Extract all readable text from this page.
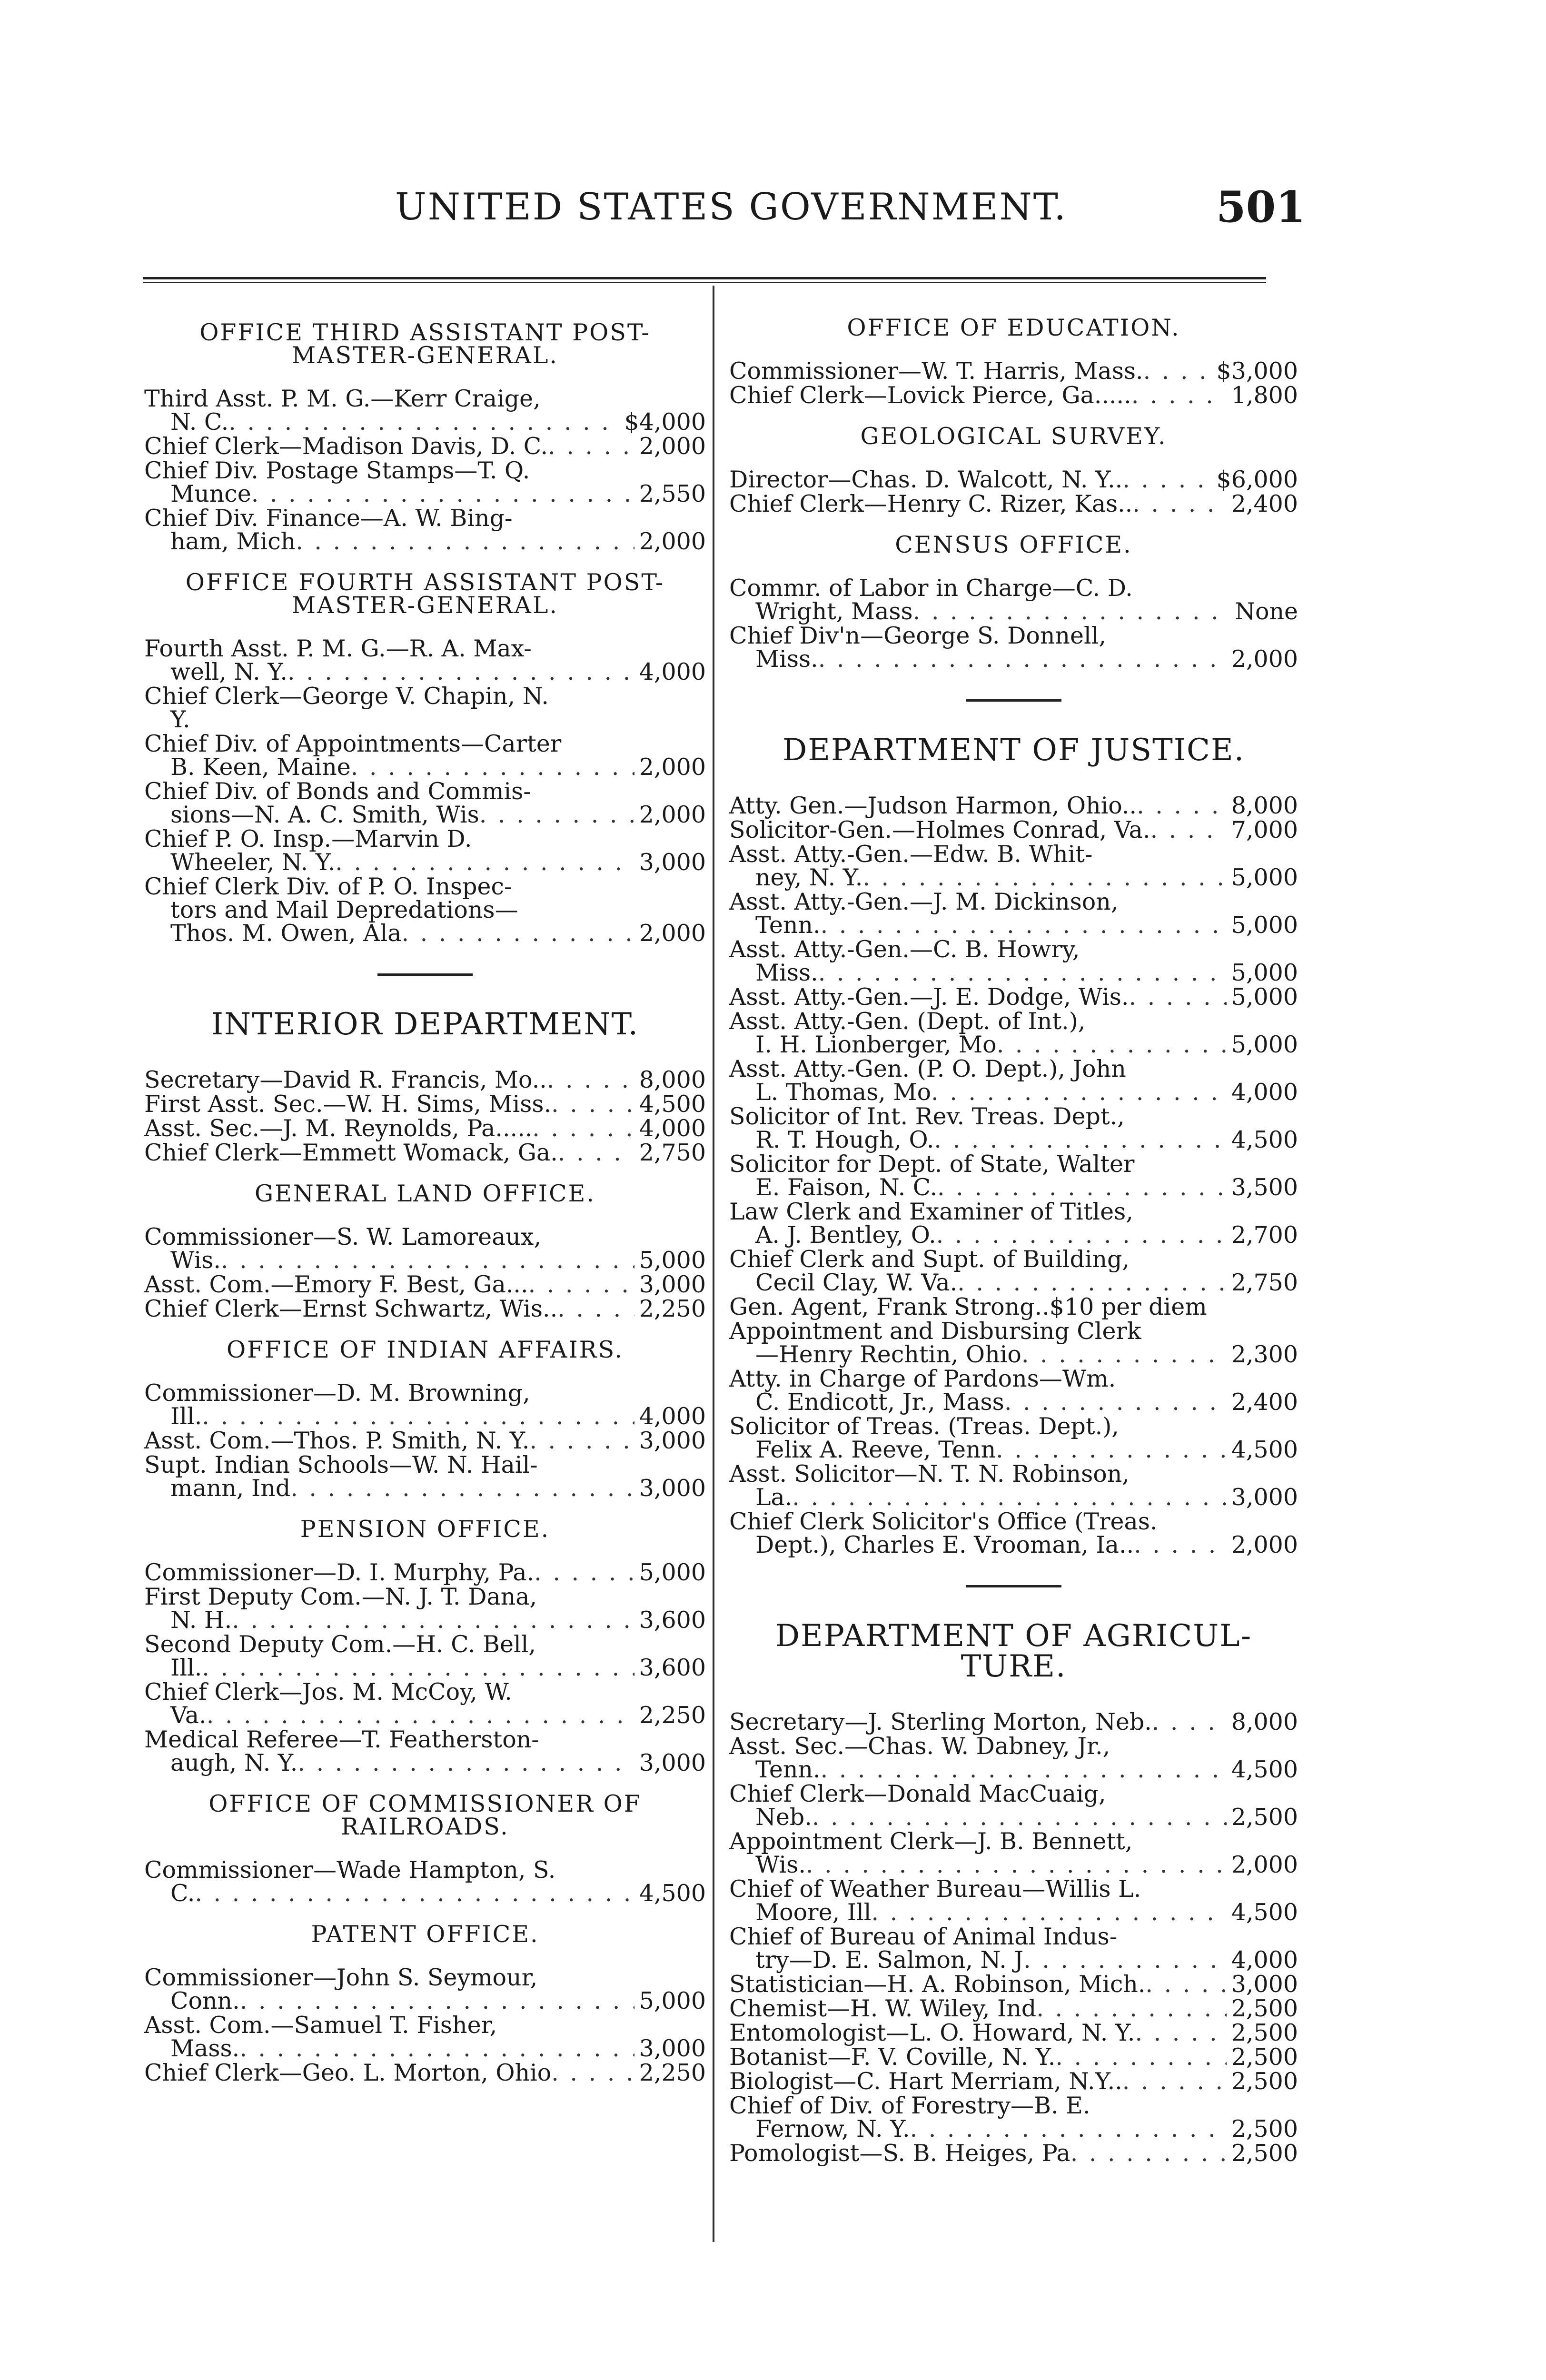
UNITED STATES GOVERNMENT.	501
OFFICE THIRD ASSISTANT POST-MASTER-GENERAL.
Third Asst. P. M. G.—Kerr Craige,
N. C. . . .	$4,000
Chief Clerk—Madison Davis, D. C. . . .	2,000
Chief Div. Postage Stamps—T. Q.
Munce . . .	2,550
Chief Div. Finance—A. W. Bing-
ham, Mich . . .	2,000
OFFICE FOURTH ASSISTANT POST-MASTER-GENERAL.
Fourth Asst. P. M. G.—R. A. Max-
well, N. Y. . . .	4,000
Chief Clerk—George V. Chapin, N.
Y.
Chief Div. of Appointments—Carter
B. Keen, Maine . . .	2,000
Chief Div. of Bonds and Commis-
sions—N. A. C. Smith, Wis . . .	2,000
Chief P. O. Insp.—Marvin D.
Wheeler, N. Y. . . .	3,000
Chief Clerk Div. of P. O. Inspec-
tors and Mail Depredations—
Thos. M. Owen, Ala . . .	2,000
INTERIOR DEPARTMENT.
Secretary—David R. Francis, Mo.. . . .	8,000
First Asst. Sec.—W. H. Sims, Miss. . . .	4,500
Asst. Sec.—J. M. Reynolds, Pa..... . . .	4,000
Chief Clerk—Emmett Womack, Ga. . . .	2,750
GENERAL LAND OFFICE.
Commissioner—S. W. Lamoreaux,
Wis. . . .	5,000
Asst. Com.—Emory F. Best, Ga... . . .	3,000
Chief Clerk—Ernst Schwartz, Wis.. . . .	2,250
OFFICE OF INDIAN AFFAIRS.
Commissioner—D. M. Browning,
Ill. . . .	4,000
Asst. Com.—Thos. P. Smith, N. Y. . . .	3,000
Supt. Indian Schools—W. N. Hail-
mann, Ind . . .	3,000
PENSION OFFICE.
Commissioner—D. I. Murphy, Pa. . . .	5,000
First Deputy Com.—N. J. T. Dana,
N. H. . . .	3,600
Second Deputy Com.—H. C. Bell,
Ill. . . .	3,600
Chief Clerk—Jos. M. McCoy, W.
Va. . . .	2,250
Medical Referee—T. Featherston-
augh, N. Y. . . .	3,000
OFFICE OF COMMISSIONER OF RAILROADS.
Commissioner—Wade Hampton, S.
C. . . .	4,500
PATENT OFFICE.
Commissioner—John S. Seymour,
Conn. . . .	5,000
Asst. Com.—Samuel T. Fisher,
Mass. . . .	3,000
Chief Clerk—Geo. L. Morton, Ohio . . .	2,250
OFFICE OF EDUCATION.
Commissioner—W. T. Harris, Mass. . . .	$3,000
Chief Clerk—Lovick Pierce, Ga..... . . .	1,800
GEOLOGICAL SURVEY.
Director—Chas. D. Walcott, N. Y.. . . .	$6,000
Chief Clerk—Henry C. Rizer, Kas.. . . .	2,400
CENSUS OFFICE.
Commr. of Labor in Charge—C. D.
Wright, Mass . . .	None
Chief Div'n—George S. Donnell,
Miss. . . .	2,000
DEPARTMENT OF JUSTICE.
Atty. Gen.—Judson Harmon, Ohio.. . . .	8,000
Solicitor-Gen.—Holmes Conrad, Va. . . .	7,000
Asst. Atty.-Gen.—Edw. B. Whit-
ney, N. Y. . . .	5,000
Asst. Atty.-Gen.—J. M. Dickinson,
Tenn. . . .	5,000
Asst. Atty.-Gen.—C. B. Howry,
Miss. . . .	5,000
Asst. Atty.-Gen.—J. E. Dodge, Wis. . . .	5,000
Asst. Atty.-Gen. (Dept. of Int.),
I. H. Lionberger, Mo . . .	5,000
Asst. Atty.-Gen. (P. O. Dept.), John
L. Thomas, Mo . . .	4,000
Solicitor of Int. Rev. Treas. Dept.,
R. T. Hough, O. . . .	4,500
Solicitor for Dept. of State, Walter
E. Faison, N. C. . . .	3,500
Law Clerk and Examiner of Titles,
A. J. Bentley, O. . . .	2,700
Chief Clerk and Supt. of Building,
Cecil Clay, W. Va. . . .	2,750
Gen. Agent, Frank Strong..$10 per diem
Appointment and Disbursing Clerk
—Henry Rechtin, Ohio . . .	2,300
Atty. in Charge of Pardons—Wm.
C. Endicott, Jr., Mass . . .	2,400
Solicitor of Treas. (Treas. Dept.),
Felix A. Reeve, Tenn . . .	4,500
Asst. Solicitor—N. T. N. Robinson,
La. . . .	3,000
Chief Clerk Solicitor's Office (Treas.
Dept.), Charles E. Vrooman, Ia.. . . .	2,000
DEPARTMENT OF AGRICUL-TURE.
Secretary—J. Sterling Morton, Neb. . . .	8,000
Asst. Sec.—Chas. W. Dabney, Jr.,
Tenn. . . .	4,500
Chief Clerk—Donald MacCuaig,
Neb. . . .	2,500
Appointment Clerk—J. B. Bennett,
Wis. . . .	2,000
Chief of Weather Bureau—Willis L.
Moore, Ill . . .	4,500
Chief of Bureau of Animal Indus-
try—D. E. Salmon, N. J . . .	4,000
Statistician—H. A. Robinson, Mich. . . .	3,000
Chemist—H. W. Wiley, Ind . . .	2,500
Entomologist—L. O. Howard, N. Y. . . .	2,500
Botanist—F. V. Coville, N. Y. . . .	2,500
Biologist—C. Hart Merriam, N.Y.. . . .	2,500
Chief of Div. of Forestry—B. E.
Fernow, N. Y. . . .	2,500
Pomologist—S. B. Heiges, Pa . . .	2,500
